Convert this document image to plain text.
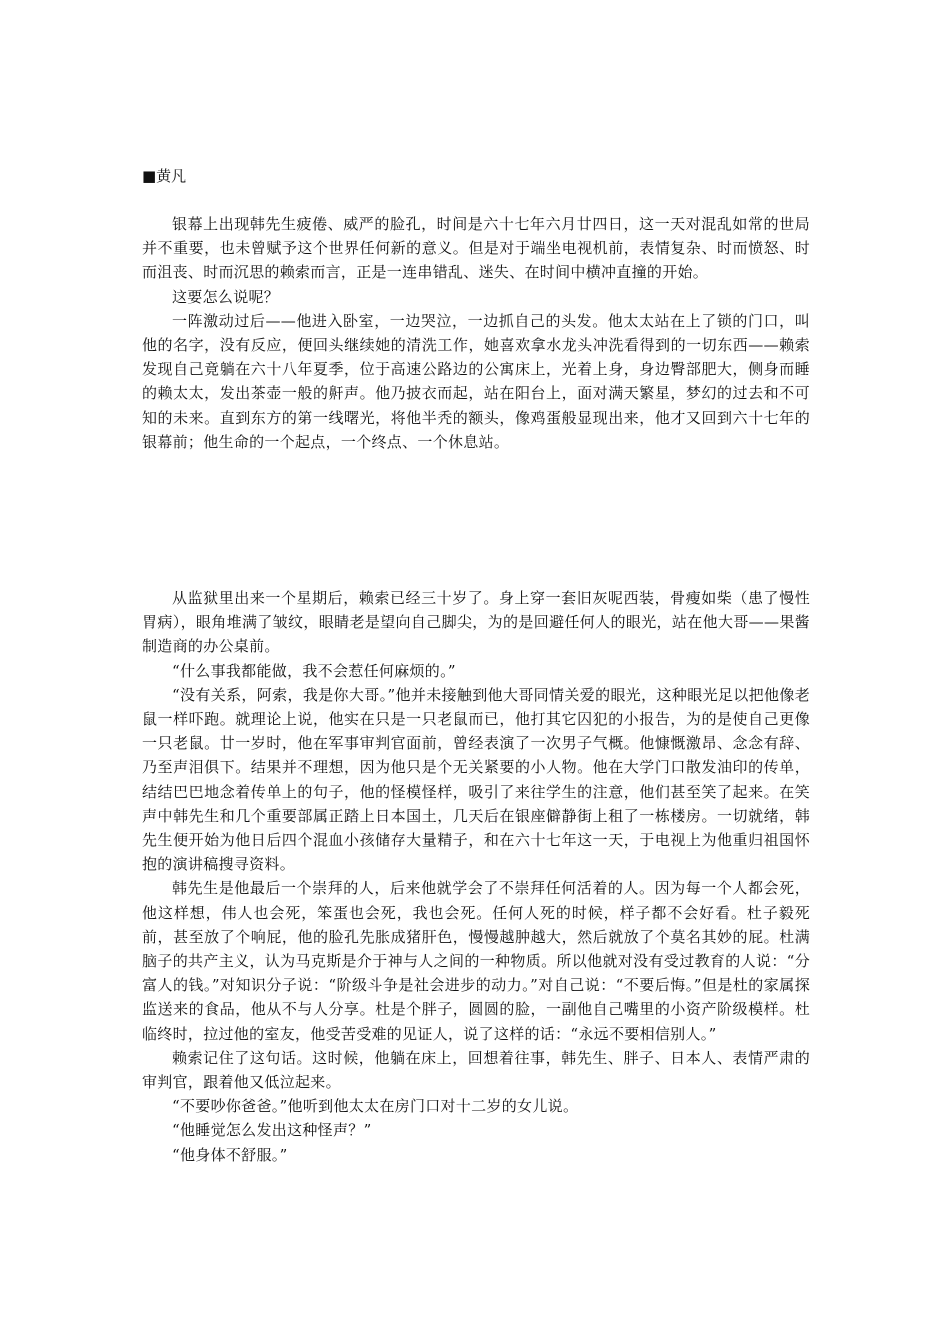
■黄凡

银幕上出现韩先生疲倦、威严的脸孔，时间是六十七年六月廿四日，这一天对混乱如常的世局并不重要，也未曾赋予这个世界任何新的意义。但是对于端坐电视机前，表情复杂、时而愤怒、时而沮丧、时而沉思的赖索而言，正是一连串错乱、迷失、在时间中横冲直撞的开始。

这要怎么说呢？

一阵激动过后——他进入卧室，一边哭泣，一边抓自己的头发。他太太站在上了锁的门口，叫他的名字，没有反应，便回头继续她的清洗工作，她喜欢拿水龙头冲洗看得到的一切东西——赖索发现自己竟躺在六十八年夏季，位于高速公路边的公寓床上，光着上身，身边臀部肥大，侧身而睡的赖太太，发出茶壶一般的鼾声。他乃披衣而起，站在阳台上，面对满天繁星，梦幻的过去和不可知的未来。直到东方的第一线曙光，将他半秃的额头，像鸡蛋般显现出来，他才又回到六十七年的银幕前；他生命的一个起点，一个终点、一个休息站。

从监狱里出来一个星期后，赖索已经三十岁了。身上穿一套旧灰呢西装，骨瘦如柴（患了慢性胃病），眼角堆满了皱纹，眼睛老是望向自己脚尖，为的是回避任何人的眼光，站在他大哥——果酱制造商的办公桌前。

“什么事我都能做，我不会惹任何麻烦的。”

“没有关系，阿索，我是你大哥。”他并未接触到他大哥同情关爱的眼光，这种眼光足以把他像老鼠一样吓跑。就理论上说，他实在只是一只老鼠而已，他打其它囚犯的小报告，为的是使自己更像一只老鼠。廿一岁时，他在军事审判官面前，曾经表演了一次男子气概。他慷慨激昂、念念有辞、乃至声泪俱下。结果并不理想，因为他只是个无关紧要的小人物。他在大学门口散发油印的传单，结结巴巴地念着传单上的句子，他的怪模怪样，吸引了来往学生的注意，他们甚至笑了起来。在笑声中韩先生和几个重要部属正踏上日本国土，几天后在银座僻静街上租了一栋楼房。一切就绪，韩先生便开始为他日后四个混血小孩储存大量精子，和在六十七年这一天，于电视上为他重归祖国怀抱的演讲稿搜寻资料。

韩先生是他最后一个崇拜的人，后来他就学会了不崇拜任何活着的人。因为每一个人都会死，他这样想，伟人也会死，笨蛋也会死，我也会死。任何人死的时候，样子都不会好看。杜子毅死前，甚至放了个响屁，他的脸孔先胀成猪肝色，慢慢越肿越大，然后就放了个莫名其妙的屁。杜满脑子的共产主义，认为马克斯是介于神与人之间的一种物质。所以他就对没有受过教育的人说：“分富人的钱。”对知识分子说：“阶级斗争是社会进步的动力。”对自己说：“不要后悔。”但是杜的家属探监送来的食品，他从不与人分享。杜是个胖子，圆圆的脸，一副他自己嘴里的小资产阶级模样。杜临终时，拉过他的室友，他受苦受难的见证人，说了这样的话：“永远不要相信别人。”

赖索记住了这句话。这时候，他躺在床上，回想着往事，韩先生、胖子、日本人、表情严肃的审判官，跟着他又低泣起来。

“不要吵你爸爸。”他听到他太太在房门口对十二岁的女儿说。

“他睡觉怎么发出这种怪声？”

“他身体不舒服。”
